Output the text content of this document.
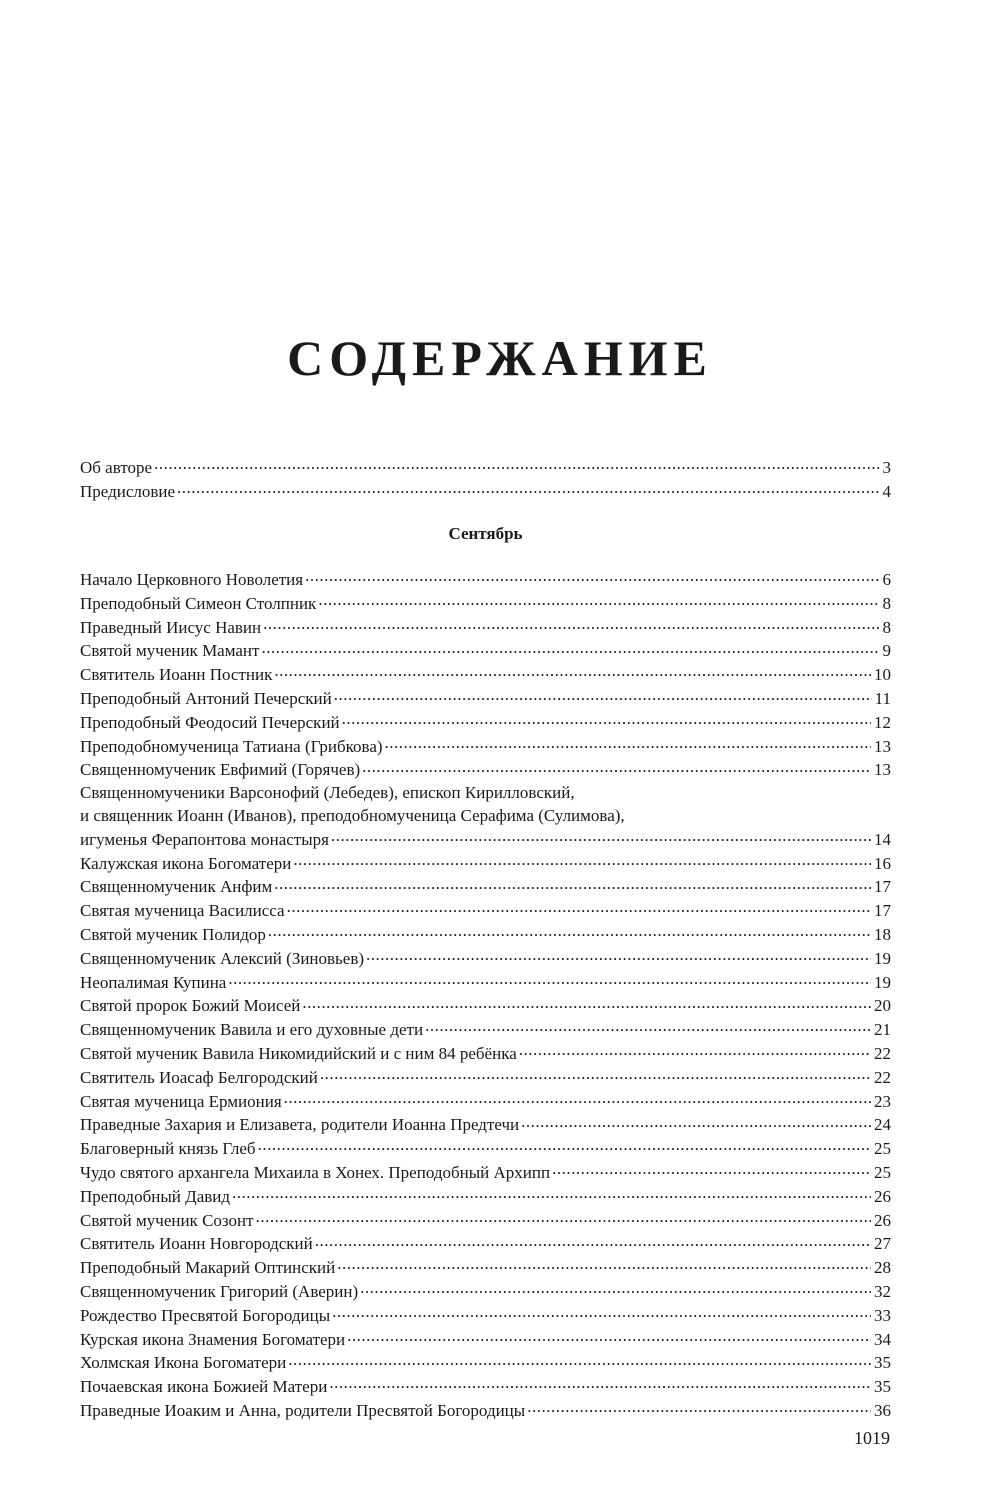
СОДЕРЖАНИЕ
Об авторе .....	3
Предисловие .....	4
Сентябрь
Начало Церковного Новолетия .....	6
Преподобный Симеон Столпник .....	8
Праведный Иисус Навин .....	8
Святой мученик Мамант .....	9
Святитель Иоанн Постник .....	10
Преподобный Антоний Печерский .....	11
Преподобный Феодосий Печерский .....	12
Преподобномученица Татиана (Грибкова) .....	13
Священномученик Евфимий (Горячев) .....	13
Священномученики Варсонофий (Лебедев), епископ Кирилловский,
и священник Иоанн (Иванов), преподобномученица Серафима (Сулимова),
игуменья Ферапонтова монастыря .....	14
Калужская икона Богоматери .....	16
Священномученик Анфим .....	17
Святая мученица Василисса .....	17
Святой мученик Полидор .....	18
Священномученик Алексий (Зиновьев) .....	19
Неопалимая Купина .....	19
Святой пророк Божий Моисей .....	20
Священномученик Вавила и его духовные дети .....	21
Святой мученик Вавила Никомидийский и с ним 84 ребёнка .....	22
Святитель Иоасаф Белгородский .....	22
Святая мученица Ермиония .....	23
Праведные Захария и Елизавета, родители Иоанна Предтечи .....	24
Благоверный князь Глеб .....	25
Чудо святого архангела Михаила в Хонех. Преподобный Архипп .....	25
Преподобный Давид .....	26
Святой мученик Созонт .....	26
Святитель Иоанн Новгородский .....	27
Преподобный Макарий Оптинский .....	28
Священномученик Григорий (Аверин) .....	32
Рождество Пресвятой Богородицы .....	33
Курская икона Знамения Богоматери .....	34
Холмская Икона Богоматери .....	35
Почаевская икона Божией Матери .....	35
Праведные Иоаким и Анна, родители Пресвятой Богородицы .....	36
1019
